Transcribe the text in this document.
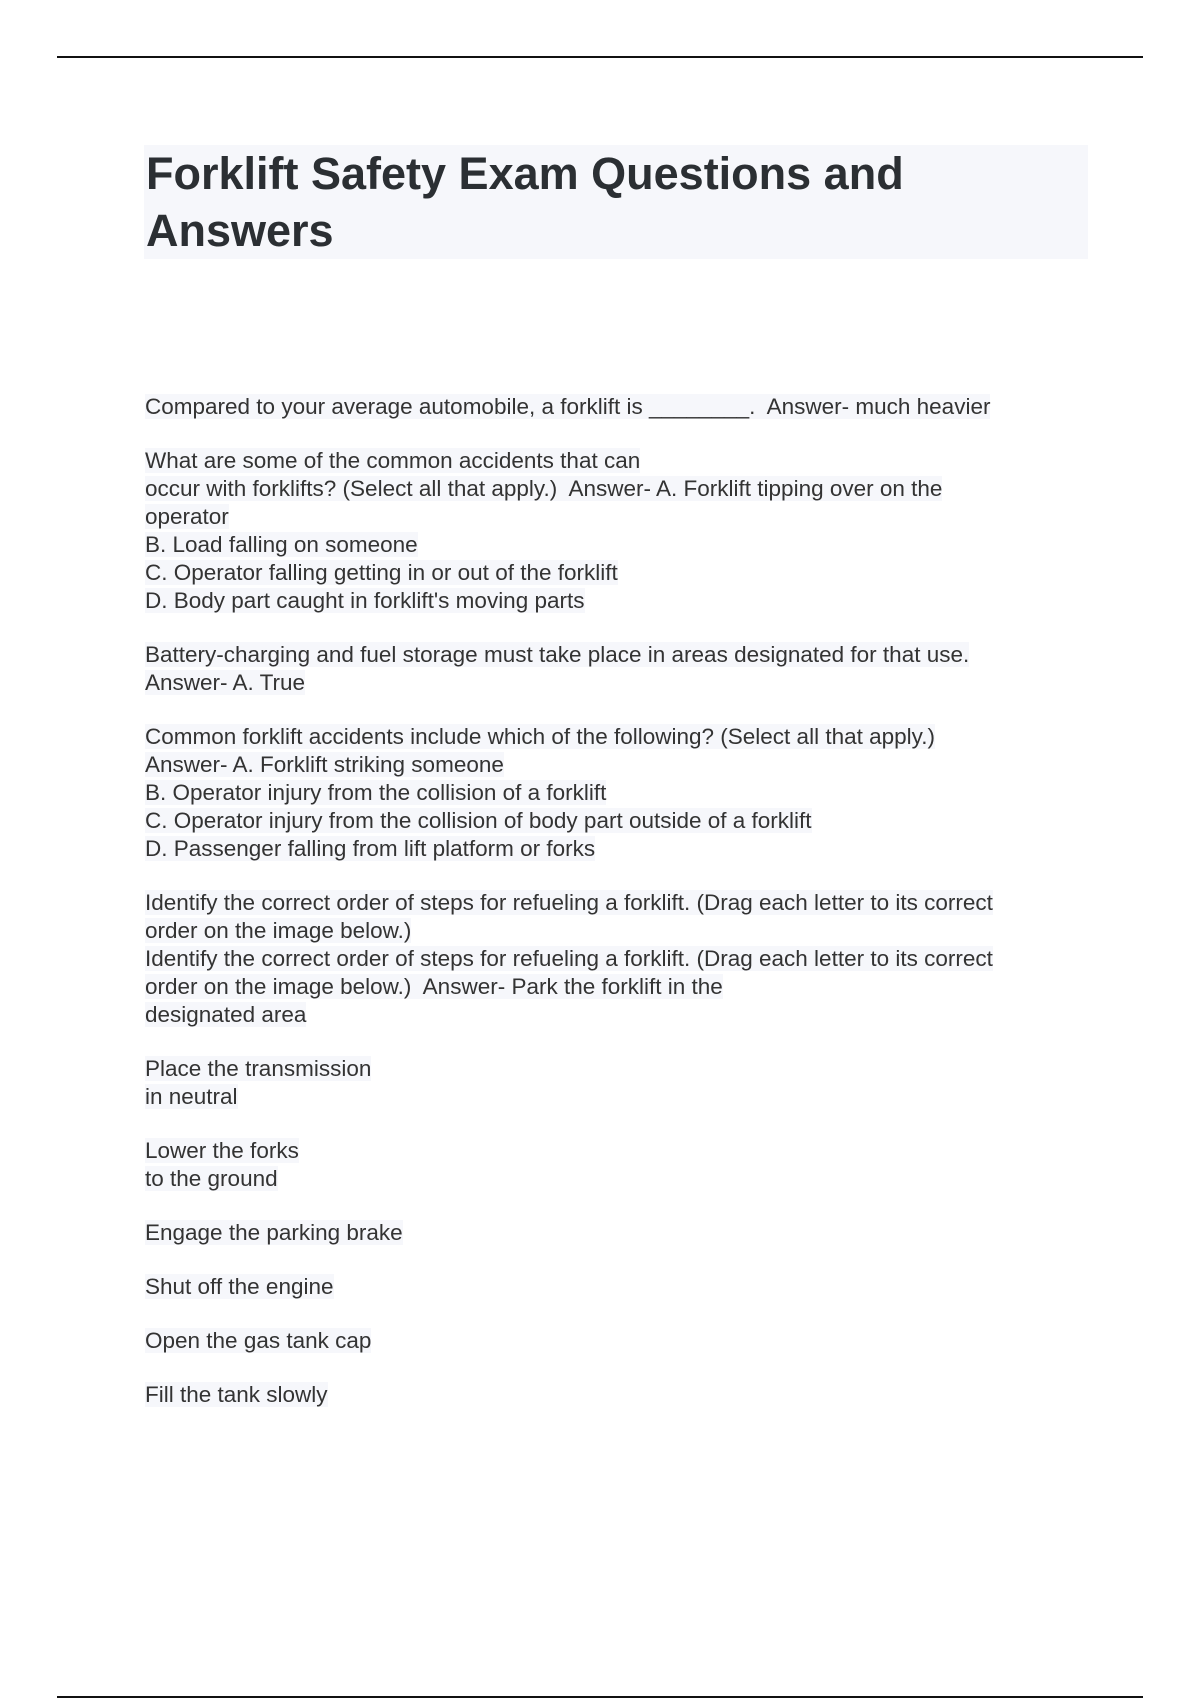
Forklift Safety Exam Questions and Answers
Compared to your average automobile, a forklift is ________.  Answer- much heavier
What are some of the common accidents that can
occur with forklifts? (Select all that apply.)  Answer- A. Forklift tipping over on the
operator
B. Load falling on someone
C. Operator falling getting in or out of the forklift
D. Body part caught in forklift's moving parts
Battery-charging and fuel storage must take place in areas designated for that use.
Answer- A. True
Common forklift accidents include which of the following? (Select all that apply.)
Answer- A. Forklift striking someone
B. Operator injury from the collision of a forklift
C. Operator injury from the collision of body part outside of a forklift
D. Passenger falling from lift platform or forks
Identify the correct order of steps for refueling a forklift. (Drag each letter to its correct
order on the image below.)
Identify the correct order of steps for refueling a forklift. (Drag each letter to its correct
order on the image below.)  Answer- Park the forklift in the
designated area
Place the transmission
in neutral
Lower the forks
to the ground
Engage the parking brake
Shut off the engine
Open the gas tank cap
Fill the tank slowly
